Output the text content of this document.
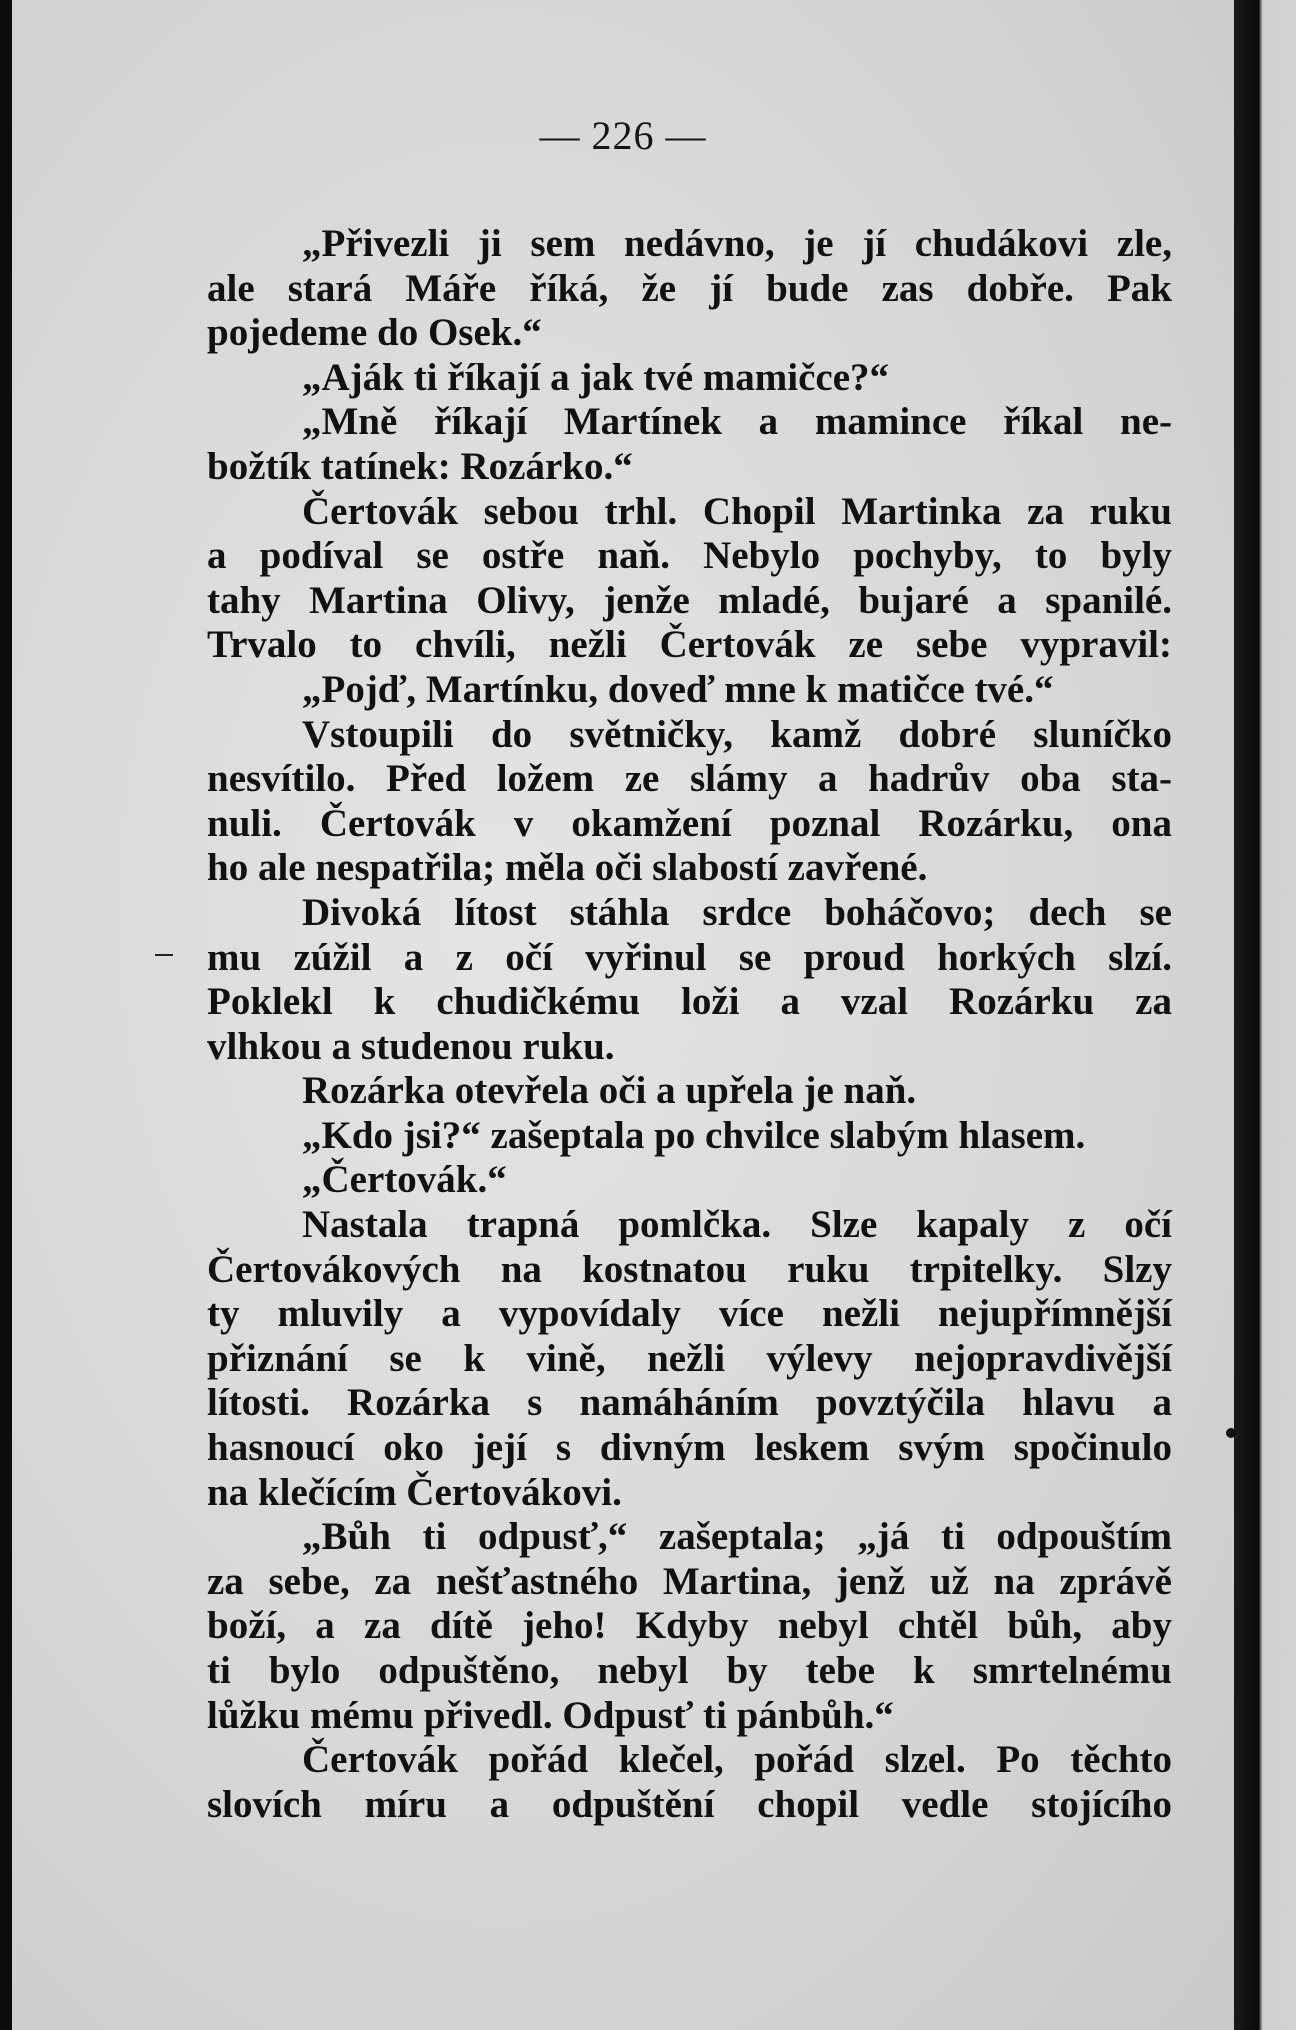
— 226 —
„Přivezli ji sem nedávno, je jí chudákovi zle,
ale stará Máře říká, že jí bude zas dobře. Pak
pojedeme do Osek.“
„Aják ti říkají a jak tvé mamičce?“
„Mně říkají Martínek a mamince říkal ne-
božtík tatínek: Rozárko.“
Čertovák sebou trhl. Chopil Martinka za ruku
a podíval se ostře naň. Nebylo pochyby, to byly
tahy Martina Olivy, jenže mladé, bujaré a spanilé.
Trvalo to chvíli, nežli Čertovák ze sebe vypravil:
„Pojď, Martínku, doveď mne k matičce tvé.“
Vstoupili do světničky, kamž dobré sluníčko
nesvítilo. Před ložem ze slámy a hadrův oba sta-
nuli. Čertovák v okamžení poznal Rozárku, ona
ho ale nespatřila; měla oči slabostí zavřené.
Divoká lítost stáhla srdce boháčovo; dech se
mu zúžil a z očí vyřinul se proud horkých slzí.
Poklekl k chudičkému loži a vzal Rozárku za
vlhkou a studenou ruku.
Rozárka otevřela oči a upřela je naň.
„Kdo jsi?“ zašeptala po chvilce slabým hlasem.
„Čertovák.“
Nastala trapná pomlčka. Slze kapaly z očí
Čertovákových na kostnatou ruku trpitelky. Slzy
ty mluvily a vypovídaly více nežli nejupřímnější
přiznání se k vině, nežli výlevy nejopravdivější
lítosti. Rozárka s namáháním povztýčila hlavu a
hasnoucí oko její s divným leskem svým spočinulo
na klečícím Čertovákovi.
„Bůh ti odpusť,“ zašeptala; „já ti odpouštím
za sebe, za nešťastného Martina, jenž už na zprávě
boží, a za dítě jeho! Kdyby nebyl chtěl bůh, aby
ti bylo odpuštěno, nebyl by tebe k smrtelnému
lůžku mému přivedl. Odpusť ti pánbůh.“
Čertovák pořád klečel, pořád slzel. Po těchto
slovích míru a odpuštění chopil vedle stojícího
